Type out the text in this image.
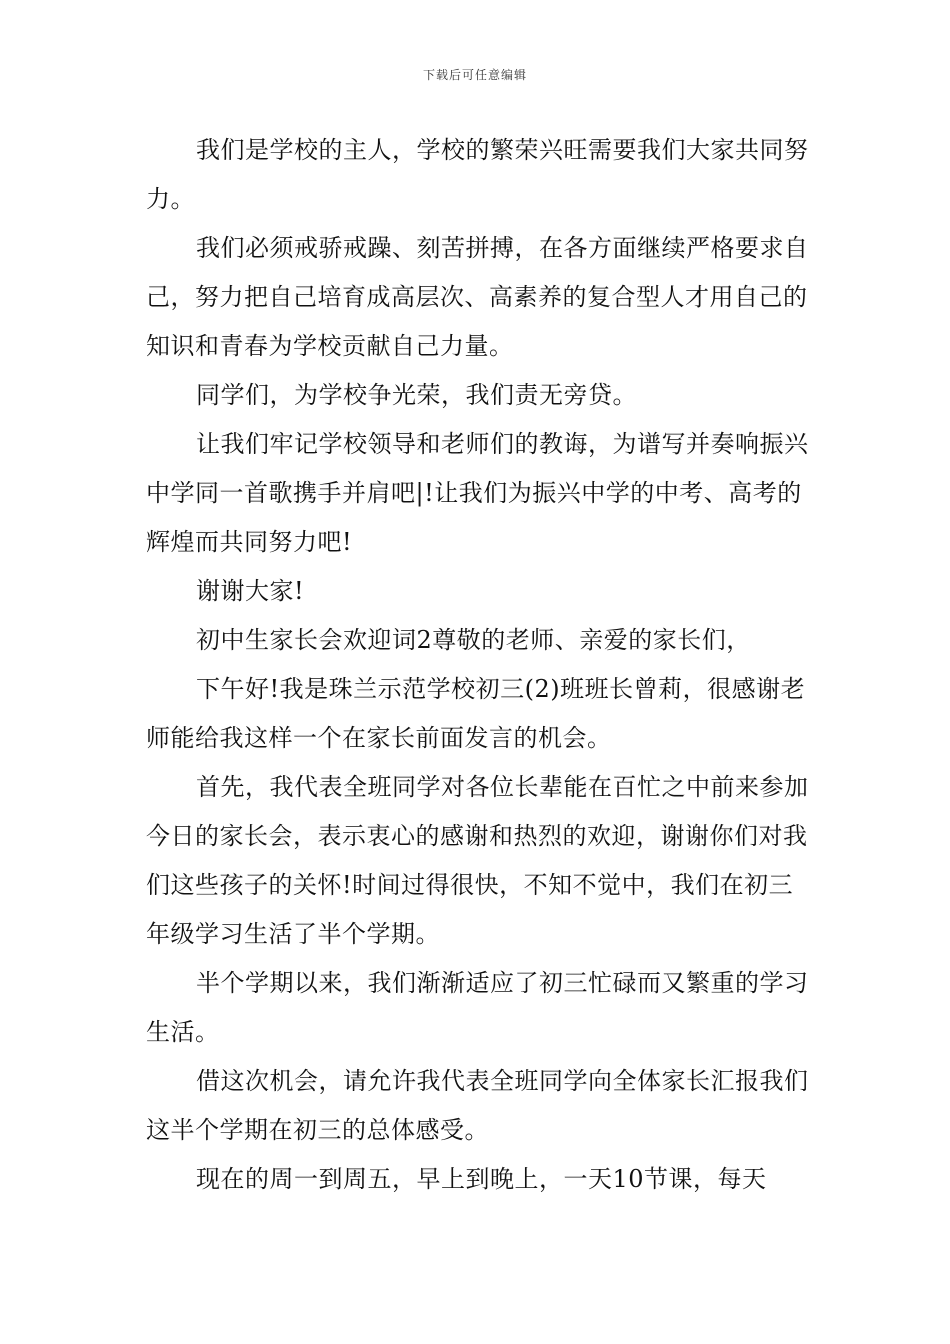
下载后可任意编辑

我们是学校的主人，学校的繁荣兴旺需要我们大家共同努力。

我们必须戒骄戒躁、刻苦拼搏，在各方面继续严格要求自己，努力把自己培育成高层次、高素养的复合型人才用自己的知识和青春为学校贡献自己力量。

同学们，为学校争光荣，我们责无旁贷。

让我们牢记学校领导和老师们的教诲，为谱写并奏响振兴中学同一首歌携手并肩吧|!让我们为振兴中学的中考、高考的辉煌而共同努力吧!

谢谢大家!

初中生家长会欢迎词2尊敬的老师、亲爱的家长们，

下午好!我是珠兰示范学校初三(2)班班长曾莉，很感谢老师能给我这样一个在家长前面发言的机会。

首先，我代表全班同学对各位长辈能在百忙之中前来参加今日的家长会，表示衷心的感谢和热烈的欢迎，谢谢你们对我们这些孩子的关怀!时间过得很快，不知不觉中，我们在初三年级学习生活了半个学期。

半个学期以来，我们渐渐适应了初三忙碌而又繁重的学习生活。

借这次机会，请允许我代表全班同学向全体家长汇报我们这半个学期在初三的总体感受。

现在的周一到周五，早上到晚上，一天10节课，每天
